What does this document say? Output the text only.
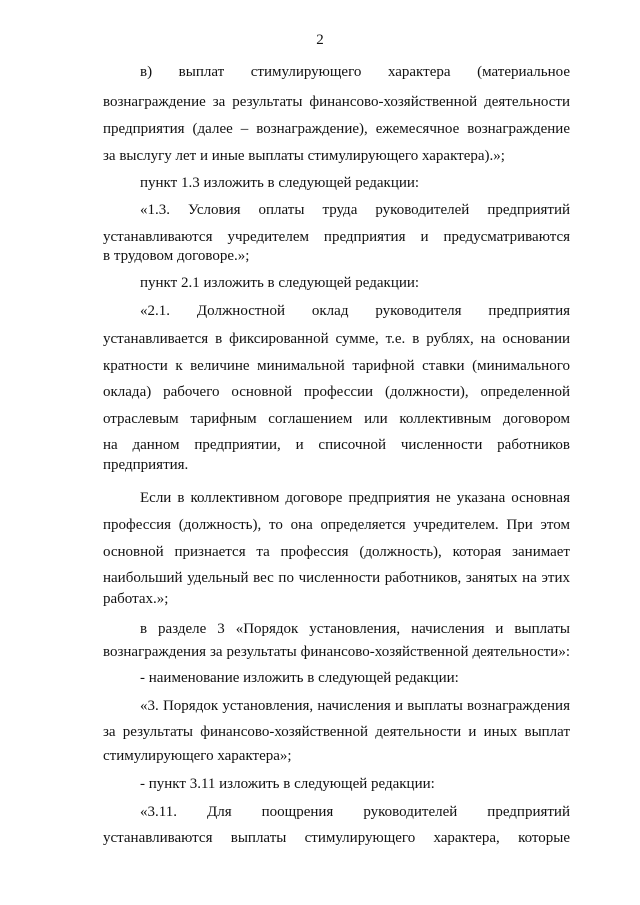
2
в) выплат стимулирующего характера (материальное
вознаграждение за результаты финансово-хозяйственной деятельности
предприятия (далее – вознаграждение), ежемесячное вознаграждение
за выслугу лет и иные выплаты стимулирующего характера).»;
пункт 1.3 изложить в следующей редакции:
«1.3. Условия оплаты труда руководителей предприятий
устанавливаются учредителем предприятия и предусматриваются
в трудовом договоре.»;
пункт 2.1 изложить в следующей редакции:
«2.1. Должностной оклад руководителя предприятия
устанавливается в фиксированной сумме, т.е. в рублях, на основании
кратности к величине минимальной тарифной ставки (минимального
оклада) рабочего основной профессии (должности), определенной
отраслевым тарифным соглашением или коллективным договором
на данном предприятии, и списочной численности работников
предприятия.
Если в коллективном договоре предприятия не указана основная
профессия (должность), то она определяется учредителем. При этом
основной признается та профессия (должность), которая занимает
наибольший удельный вес по численности работников, занятых на этих
работах.»;
в разделе 3 «Порядок установления, начисления и выплаты
вознаграждения за результаты финансово-хозяйственной деятельности»:
- наименование изложить в следующей редакции:
«3. Порядок установления, начисления и выплаты вознаграждения
за результаты финансово-хозяйственной деятельности и иных выплат
стимулирующего характера»;
- пункт 3.11 изложить в следующей редакции:
«3.11. Для поощрения руководителей предприятий
устанавливаются выплаты стимулирующего характера, которые
